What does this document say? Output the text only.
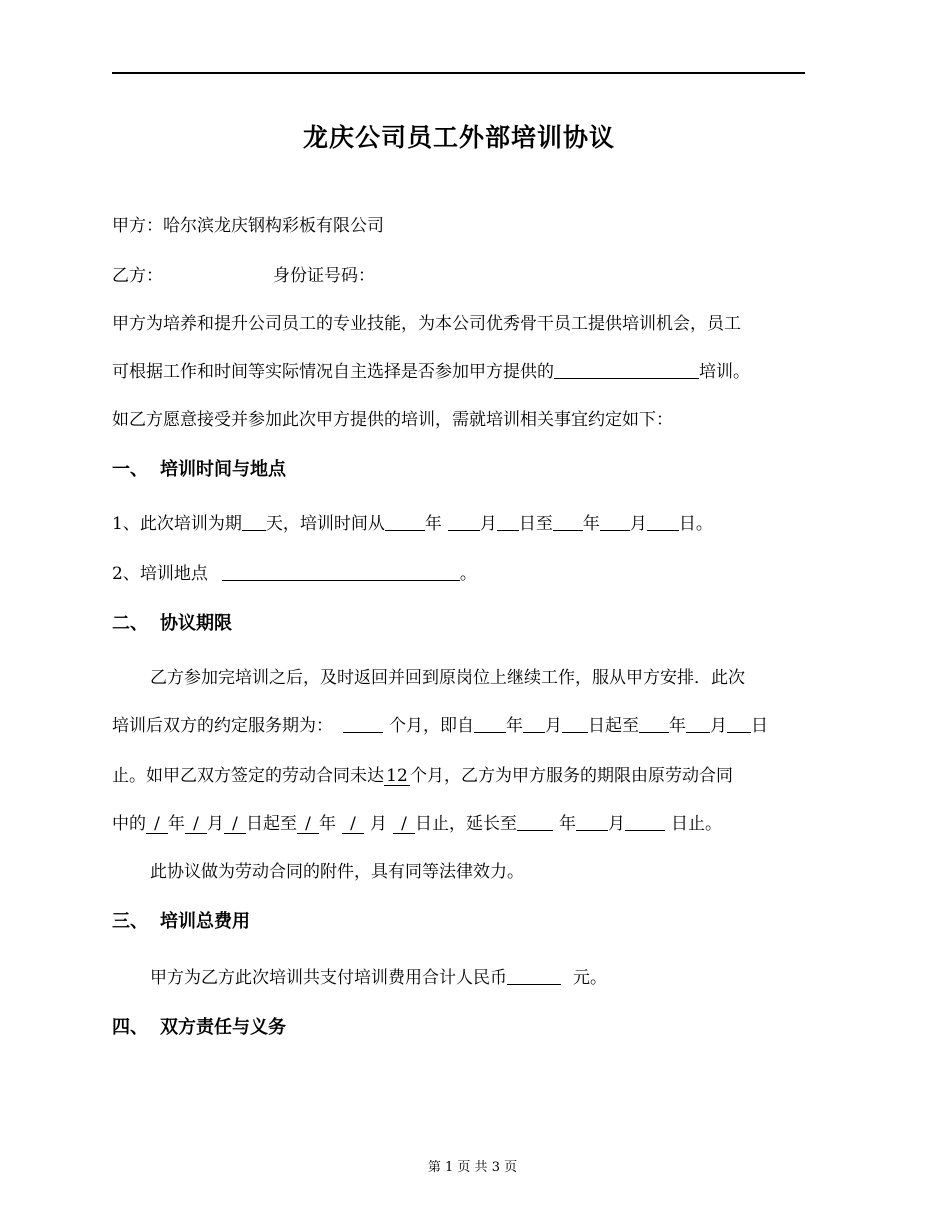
龙庆公司员工外部培训协议
甲方：哈尔滨龙庆钢构彩板有限公司
乙方：	身份证号码：
甲方为培养和提升公司员工的专业技能，为本公司优秀骨干员工提供培训机会，员工
可根据工作和时间等实际情况自主选择是否参加甲方提供的	培训。
如乙方愿意接受并参加此次甲方提供的培训，需就培训相关事宜约定如下：
一、 培训时间与地点
1、此次培训为期 天，培训时间从 年 月 日至 年 月 日。
2、培训地点	。
二、 协议期限
乙方参加完培训之后，及时返回并回到原岗位上继续工作，服从甲方安排．此次
培训后双方的约定服务期为：	个月，即自 年 月 日起至 年 月 日
止。如甲乙双方签定的劳动合同未达 12 个月，乙方为甲方服务的期限由原劳动合同
中的 / 年 / 月 / 日起至 / 年 / 月 / 日止，延长至 年 月	日止。
此协议做为劳动合同的附件，具有同等法律效力。
三、 培训总费用
甲方为乙方此次培训共支付培训费用合计人民币	元。
四、 双方责任与义务
第 1 页 共 3 页
